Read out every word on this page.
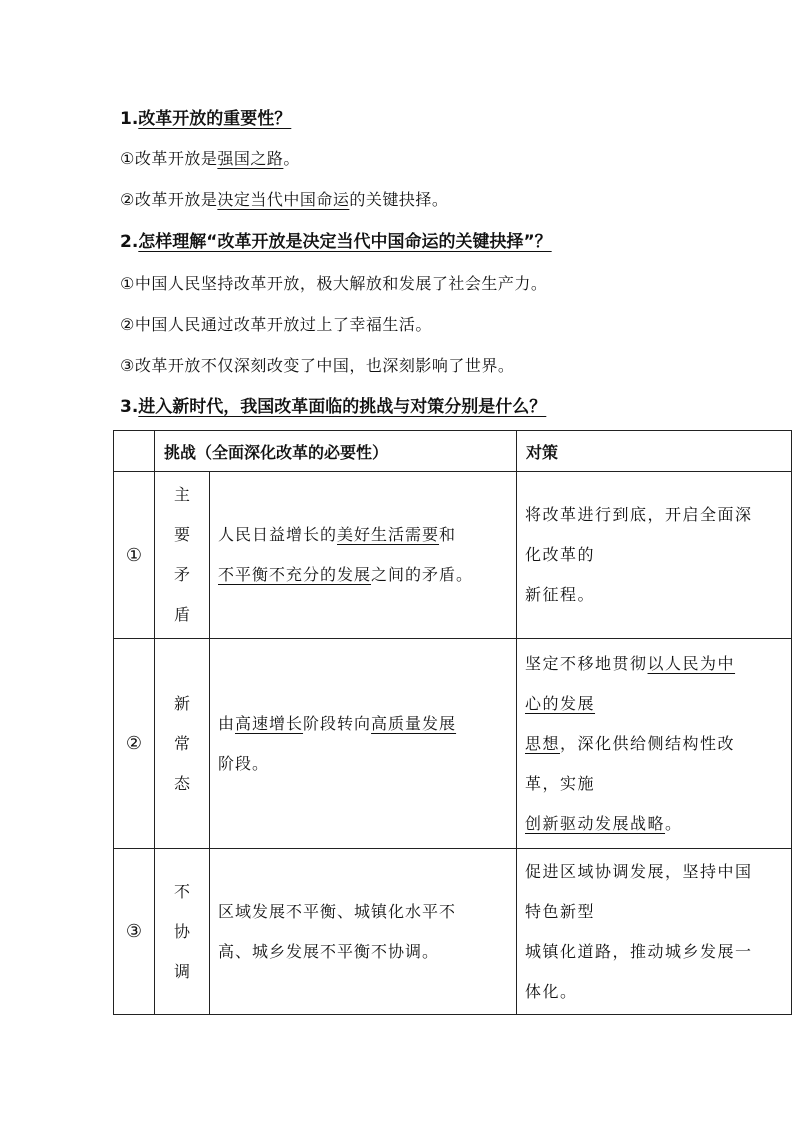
1.改革开放的重要性？
①改革开放是强国之路。
②改革开放是决定当代中国命运的关键抉择。
2.怎样理解“改革开放是决定当代中国命运的关键抉择”？
①中国人民坚持改革开放，极大解放和发展了社会生产力。
②中国人民通过改革开放过上了幸福生活。
③改革开放不仅深刻改变了中国，也深刻影响了世界。
3.进入新时代，我国改革面临的挑战与对策分别是什么？
	挑战（全面深化改革的必要性）		对策
①	主
要
矛
盾	人民日益增长的美好生活需要和
不平衡不充分的发展之间的矛盾。	将改革进行到底，开启全面深
化改革的
新征程。

②	新
常
态	由高速增长阶段转向高质量发展
阶段。	坚定不移地贯彻以人民为中
心的发展
思想，深化供给侧结构性改
革，实施
创新驱动发展战略。

③	不
协
调	区域发展不平衡、城镇化水平不
高、城乡发展不平衡不协调。	促进区域协调发展，坚持中国
特色新型
城镇化道路，推动城乡发展一
体化。
